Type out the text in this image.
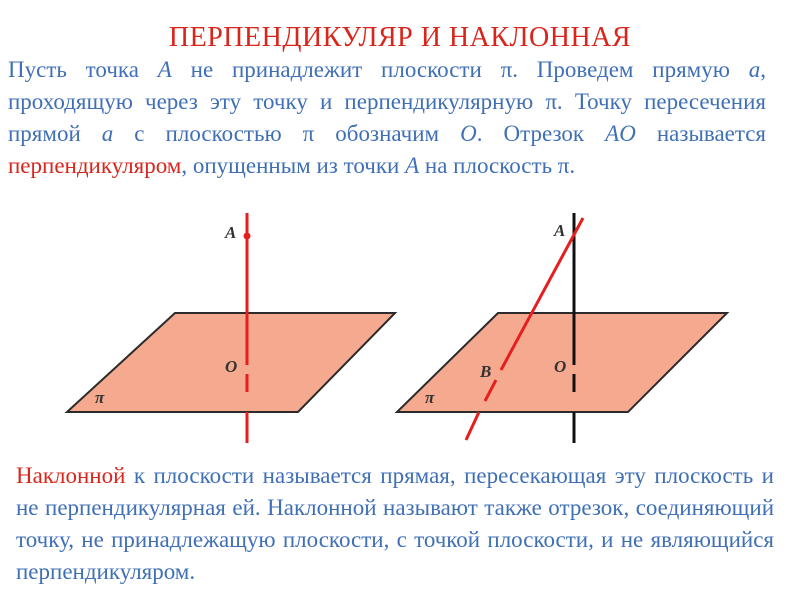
ПЕРПЕНДИКУЛЯР И НАКЛОННАЯ
Пусть точка A не принадлежит плоскости π. Проведем прямую a, проходящую через эту точку и перпендикулярную π. Точку пересечения прямой a с плоскостью π обозначим O. Отрезок AO называется перпендикуляром, опущенным из точки A на плоскость π.
A
O
π
A
B	O
π
Наклонной к плоскости называется прямая, пересекающая эту плоскость и не перпендикулярная ей. Наклонной называют также отрезок, соединяющий точку, не принадлежащую плоскости, с точкой плоскости, и не являющийся перпендикуляром.
